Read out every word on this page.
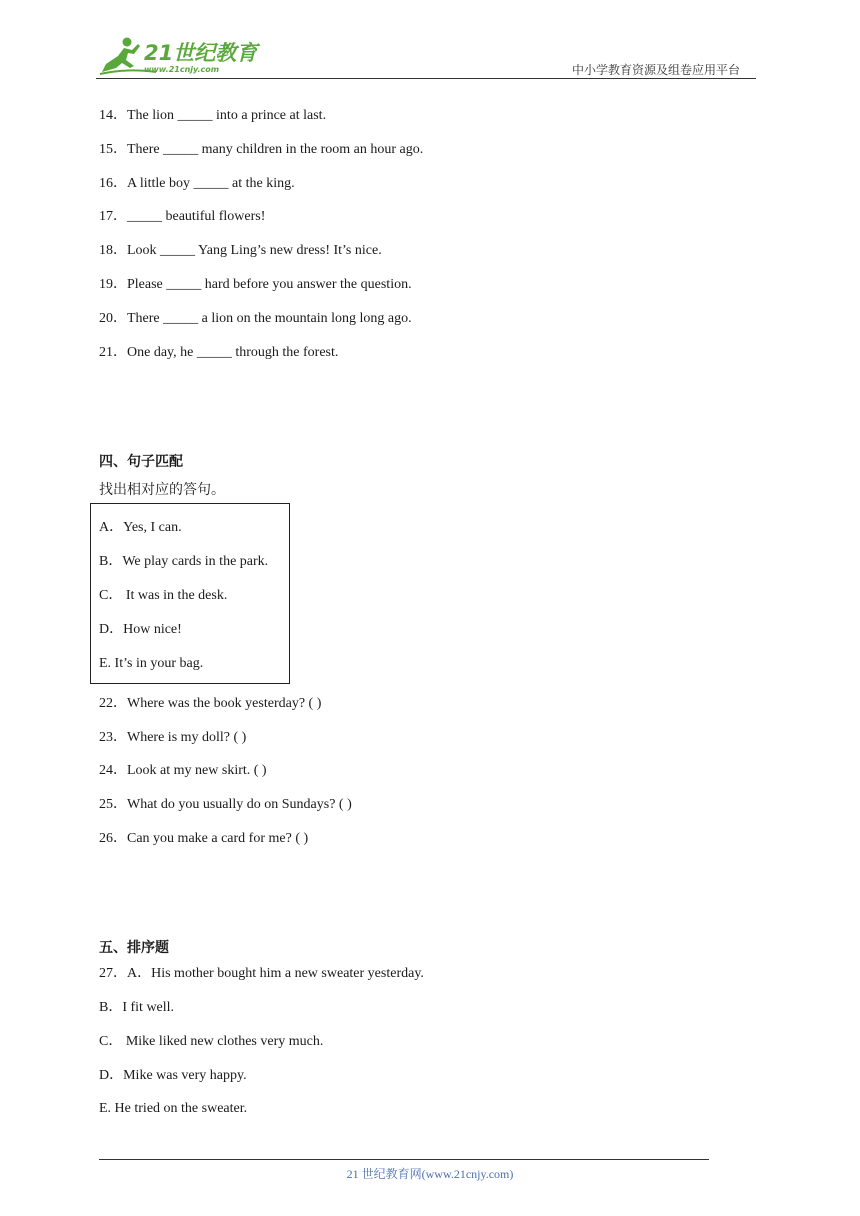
21世纪教育
www.21cnjy.com	中小学教育资源及组卷应用平台
14．The lion _____ into a prince at last.
15．There _____ many children in the room an hour ago.
16．A little boy _____ at the king.
17．_____ beautiful flowers!
18．Look _____ Yang Ling’s new dress! It’s nice.
19．Please _____ hard before you answer the question.
20．There _____ a lion on the mountain long long ago.
21．One day, he _____ through the forest.
四、句子匹配
找出相对应的答句。
A．Yes, I can.
B．We play cards in the park.
C． It was in the desk.
D．How nice!
E. It’s in your bag.
22．Where was the book yesterday? ( )
23．Where is my doll? ( )
24．Look at my new skirt. ( )
25．What do you usually do on Sundays? ( )
26．Can you make a card for me? ( )
五、排序题
27．A．His mother bought him a new sweater yesterday.
B．I fit well.
C． Mike liked new clothes very much.
D．Mike was very happy.
E. He tried on the sweater.
21 世纪教育网(www.21cnjy.com)
